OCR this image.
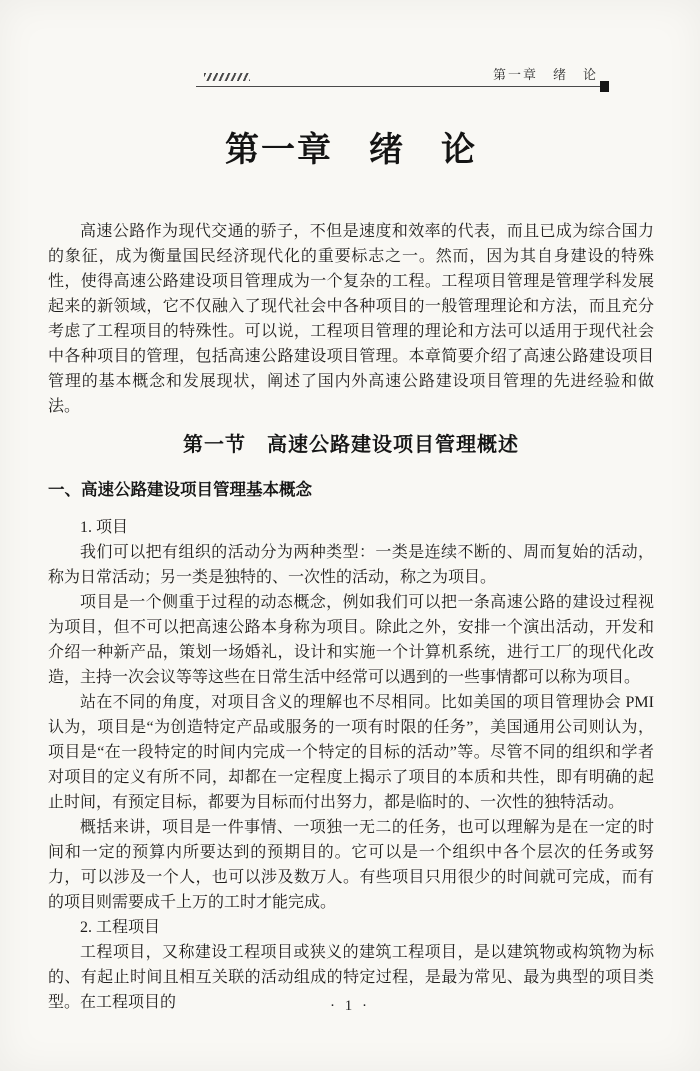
第一章　绪　论
第一章　绪　论

高速公路作为现代交通的骄子，不但是速度和效率的代表，而且已成为综合国力的象征，成为衡量国民经济现代化的重要标志之一。然而，因为其自身建设的特殊性，使得高速公路建设项目管理成为一个复杂的工程。工程项目管理是管理学科发展起来的新领域，它不仅融入了现代社会中各种项目的一般管理理论和方法，而且充分考虑了工程项目的特殊性。可以说，工程项目管理的理论和方法可以适用于现代社会中各种项目的管理，包括高速公路建设项目管理。本章简要介绍了高速公路建设项目管理的基本概念和发展现状，阐述了国内外高速公路建设项目管理的先进经验和做法。

第一节　高速公路建设项目管理概述
一、高速公路建设项目管理基本概念

1. 项目

我们可以把有组织的活动分为两种类型：一类是连续不断的、周而复始的活动，称为日常活动；另一类是独特的、一次性的活动，称之为项目。

项目是一个侧重于过程的动态概念，例如我们可以把一条高速公路的建设过程视为项目，但不可以把高速公路本身称为项目。除此之外，安排一个演出活动，开发和介绍一种新产品，策划一场婚礼，设计和实施一个计算机系统，进行工厂的现代化改造，主持一次会议等等这些在日常生活中经常可以遇到的一些事情都可以称为项目。

站在不同的角度，对项目含义的理解也不尽相同。比如美国的项目管理协会 PMI 认为，项目是“为创造特定产品或服务的一项有时限的任务”，美国通用公司则认为，项目是“在一段特定的时间内完成一个特定的目标的活动”等。尽管不同的组织和学者对项目的定义有所不同，却都在一定程度上揭示了项目的本质和共性，即有明确的起止时间，有预定目标，都要为目标而付出努力，都是临时的、一次性的独特活动。

概括来讲，项目是一件事情、一项独一无二的任务，也可以理解为是在一定的时间和一定的预算内所要达到的预期目的。它可以是一个组织中各个层次的任务或努力，可以涉及一个人，也可以涉及数万人。有些项目只用很少的时间就可完成，而有的项目则需要成千上万的工时才能完成。

2. 工程项目

工程项目，又称建设工程项目或狭义的建筑工程项目，是以建筑物或构筑物为标的、有起止时间且相互关联的活动组成的特定过程，是最为常见、最为典型的项目类型。在工程项目的	· 1 ·
